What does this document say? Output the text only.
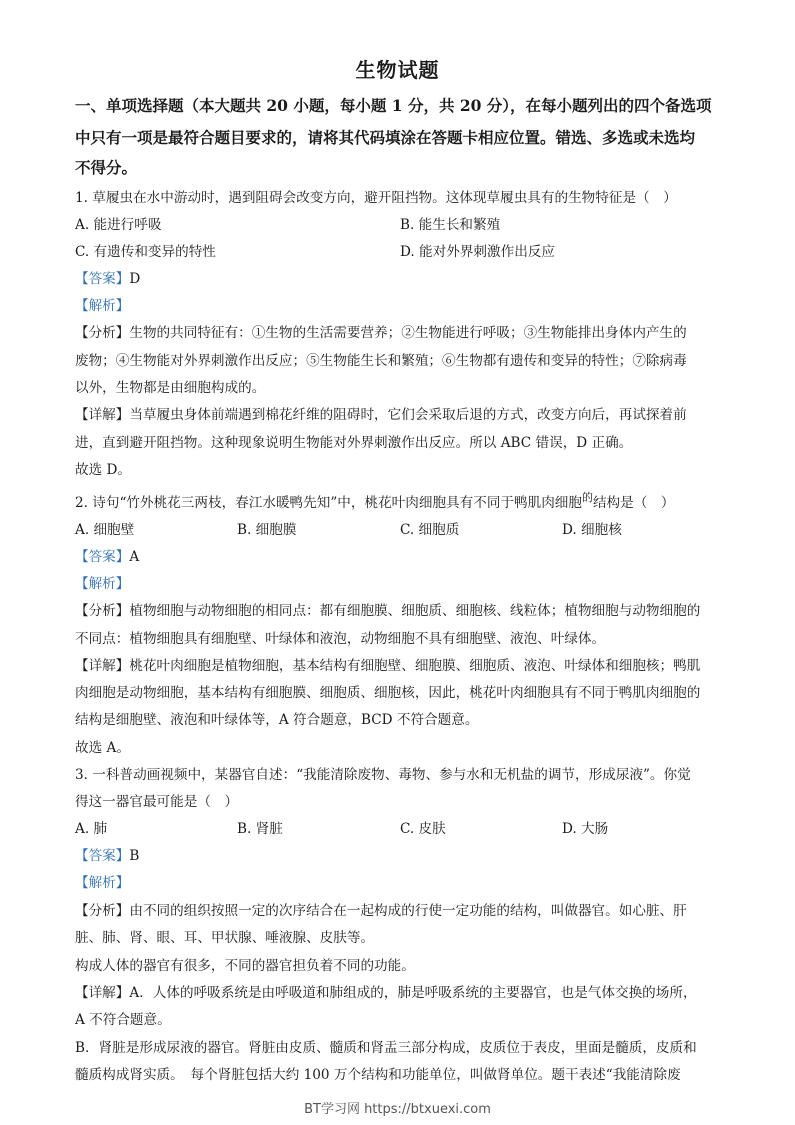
生物试题
一、单项选择题（本大题共 20 小题，每小题 1 分，共 20 分），在每小题列出的四个备选项
中只有一项是最符合题目要求的，请将其代码填涂在答题卡相应位置。错选、多选或未选均
不得分。
1. 草履虫在水中游动时，遇到阻碍会改变方向，避开阻挡物。这体现草履虫具有的生物特征是（　）
A. 能进行呼吸	B. 能生长和繁殖
C. 有遗传和变异的特性	D. 能对外界刺激作出反应
【答案】D
【解析】
【分析】生物的共同特征有：①生物的生活需要营养；②生物能进行呼吸；③生物能排出身体内产生的
废物；④生物能对外界刺激作出反应；⑤生物能生长和繁殖；⑥生物都有遗传和变异的特性；⑦除病毒
以外，生物都是由细胞构成的。
【详解】当草履虫身体前端遇到棉花纤维的阻碍时，它们会采取后退的方式，改变方向后，再试探着前
进，直到避开阻挡物。这种现象说明生物能对外界刺激作出反应。所以 ABC 错误，D 正确。
故选 D。
2. 诗句“竹外桃花三两枝，春江水暖鸭先知”中，桃花叶肉细胞具有不同于鸭肌肉细胞$^的$结构是（　）
A. 细胞壁	B. 细胞膜	C. 细胞质	D. 细胞核
【答案】A
【解析】
【分析】植物细胞与动物细胞的相同点：都有细胞膜、细胞质、细胞核、线粒体；植物细胞与动物细胞的
不同点：植物细胞具有细胞壁、叶绿体和液泡，动物细胞不具有细胞壁、液泡、叶绿体。
【详解】桃花叶肉细胞是植物细胞，基本结构有细胞壁、细胞膜、细胞质、液泡、叶绿体和细胞核；鸭肌
肉细胞是动物细胞，基本结构有细胞膜、细胞质、细胞核，因此，桃花叶肉细胞具有不同于鸭肌肉细胞的
结构是细胞壁、液泡和叶绿体等，A 符合题意，BCD 不符合题意。
故选 A。
3. 一科普动画视频中，某器官自述：“我能清除废物、毒物、参与水和无机盐的调节，形成尿液”。你觉
得这一器官最可能是（　）
A. 肺	B. 肾脏	C. 皮肤	D. 大肠
【答案】B
【解析】
【分析】由不同的组织按照一定的次序结合在一起构成的行使一定功能的结构，叫做器官。如心脏、肝
脏、肺、肾、眼、耳、甲状腺、唾液腺、皮肤等。
构成人体的器官有很多，不同的器官担负着不同的功能。
【详解】A．人体的呼吸系统是由呼吸道和肺组成的，肺是呼吸系统的主要器官，也是气体交换的场所，
A 不符合题意。
B．肾脏是形成尿液的器官。肾脏由皮质、髓质和肾盂三部分构成，皮质位于表皮，里面是髓质，皮质和
髓质构成肾实质。　每个肾脏包括大约 100 万个结构和功能单位，叫做肾单位。题干表述“我能清除废
BT学习网 https://btxuexi.com
